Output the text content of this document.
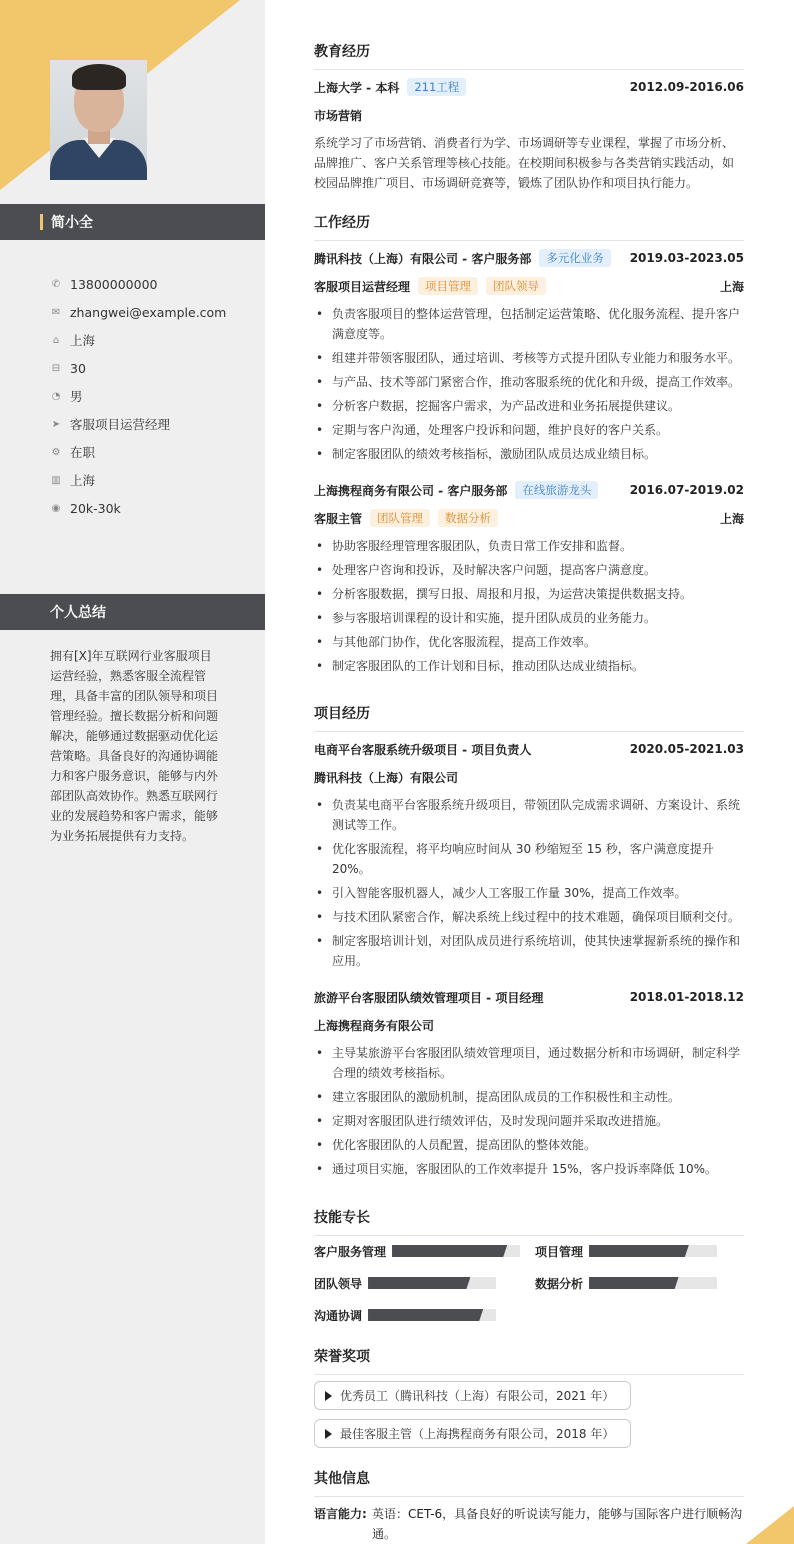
简小全
✆ 13800000000
✉ zhangwei@example.com
⌂ 上海
⊟ 30
◔ 男
➤ 客服项目运营经理
⚙ 在职
▥ 上海
◉ 20k-30k
个人总结
拥有[X]年互联网行业客服项目运营经验，熟悉客服全流程管理，具备丰富的团队领导和项目管理经验。擅长数据分析和问题解决，能够通过数据驱动优化运营策略。具备良好的沟通协调能力和客户服务意识，能够与内外部团队高效协作。熟悉互联网行业的发展趋势和客户需求，能够为业务拓展提供有力支持。
教育经历
上海大学 - 本科	211工程	2012.09-2016.06
市场营销
系统学习了市场营销、消费者行为学、市场调研等专业课程，掌握了市场分析、品牌推广、客户关系管理等核心技能。在校期间积极参与各类营销实践活动，如校园品牌推广项目、市场调研竞赛等，锻炼了团队协作和项目执行能力。
工作经历
腾讯科技（上海）有限公司 - 客户服务部	多元化业务	2019.03-2023.05
客服项目运营经理	项目管理	团队领导	上海
• 负责客服项目的整体运营管理，包括制定运营策略、优化服务流程、提升客户满意度等。
• 组建并带领客服团队，通过培训、考核等方式提升团队专业能力和服务水平。
• 与产品、技术等部门紧密合作，推动客服系统的优化和升级，提高工作效率。
• 分析客户数据，挖掘客户需求，为产品改进和业务拓展提供建议。
• 定期与客户沟通，处理客户投诉和问题，维护良好的客户关系。
• 制定客服团队的绩效考核指标，激励团队成员达成业绩目标。
上海携程商务有限公司 - 客户服务部	在线旅游龙头	2016.07-2019.02
客服主管	团队管理	数据分析	上海
• 协助客服经理管理客服团队，负责日常工作安排和监督。
• 处理客户咨询和投诉，及时解决客户问题，提高客户满意度。
• 分析客服数据，撰写日报、周报和月报，为运营决策提供数据支持。
• 参与客服培训课程的设计和实施，提升团队成员的业务能力。
• 与其他部门协作，优化客服流程，提高工作效率。
• 制定客服团队的工作计划和目标，推动团队达成业绩指标。
项目经历
电商平台客服系统升级项目 - 项目负责人	2020.05-2021.03
腾讯科技（上海）有限公司
• 负责某电商平台客服系统升级项目，带领团队完成需求调研、方案设计、系统测试等工作。
• 优化客服流程，将平均响应时间从 30 秒缩短至 15 秒，客户满意度提升 20%。
• 引入智能客服机器人，减少人工客服工作量 30%，提高工作效率。
• 与技术团队紧密合作，解决系统上线过程中的技术难题，确保项目顺利交付。
• 制定客服培训计划，对团队成员进行系统培训，使其快速掌握新系统的操作和应用。
旅游平台客服团队绩效管理项目 - 项目经理	2018.01-2018.12
上海携程商务有限公司
• 主导某旅游平台客服团队绩效管理项目，通过数据分析和市场调研，制定科学合理的绩效考核指标。
• 建立客服团队的激励机制，提高团队成员的工作积极性和主动性。
• 定期对客服团队进行绩效评估，及时发现问题并采取改进措施。
• 优化客服团队的人员配置，提高团队的整体效能。
• 通过项目实施，客服团队的工作效率提升 15%，客户投诉率降低 10%。
技能专长
客户服务管理	项目管理
团队领导	数据分析
沟通协调
荣誉奖项
优秀员工（腾讯科技（上海）有限公司，2021 年）
最佳客服主管（上海携程商务有限公司，2018 年）
其他信息
语言能力: 英语：CET-6，具备良好的听说读写能力，能够与国际客户进行顺畅沟通。
